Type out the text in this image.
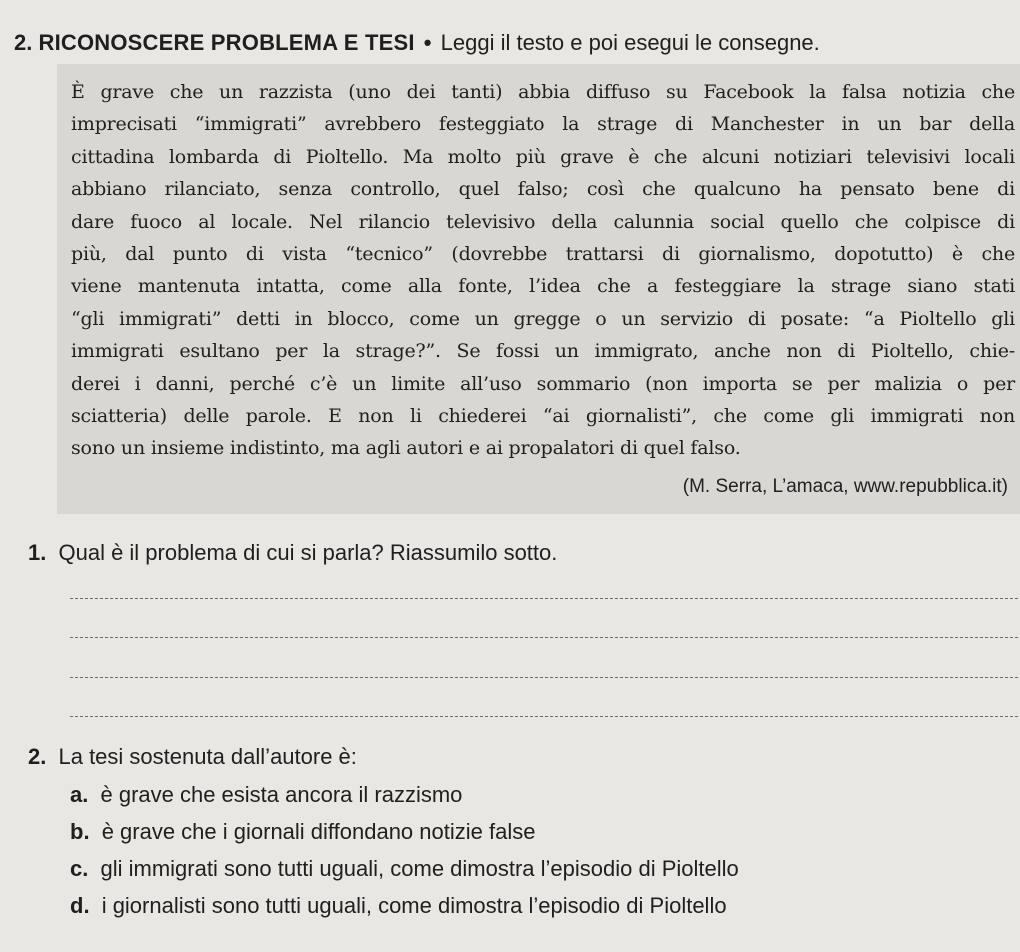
2. RICONOSCERE PROBLEMA E TESI • Leggi il testo e poi esegui le consegne.

È grave che un razzista (uno dei tanti) abbia diffuso su Facebook la falsa notizia che
imprecisati “immigrati” avrebbero festeggiato la strage di Manchester in un bar della
cittadina lombarda di Pioltello. Ma molto più grave è che alcuni notiziari televisivi locali
abbiano rilanciato, senza controllo, quel falso; così che qualcuno ha pensato bene di
dare fuoco al locale. Nel rilancio televisivo della calunnia social quello che colpisce di
più, dal punto di vista “tecnico” (dovrebbe trattarsi di giornalismo, dopotutto) è che
viene mantenuta intatta, come alla fonte, l’idea che a festeggiare la strage siano stati
“gli immigrati” detti in blocco, come un gregge o un servizio di posate: “a Pioltello gli
immigrati esultano per la strage?”. Se fossi un immigrato, anche non di Pioltello, chie-
derei i danni, perché c’è un limite all’uso sommario (non importa se per malizia o per
sciatteria) delle parole. E non li chiederei “ai giornalisti”, che come gli immigrati non
sono un insieme indistinto, ma agli autori e ai propalatori di quel falso.

(M. Serra, L’amaca, www.repubblica.it)
1. Qual è il problema di cui si parla? Riassumilo sotto.
2. La tesi sostenuta dall’autore è:
a. è grave che esista ancora il razzismo
b. è grave che i giornali diffondano notizie false
c. gli immigrati sono tutti uguali, come dimostra l’episodio di Pioltello
d. i giornalisti sono tutti uguali, come dimostra l’episodio di Pioltello
